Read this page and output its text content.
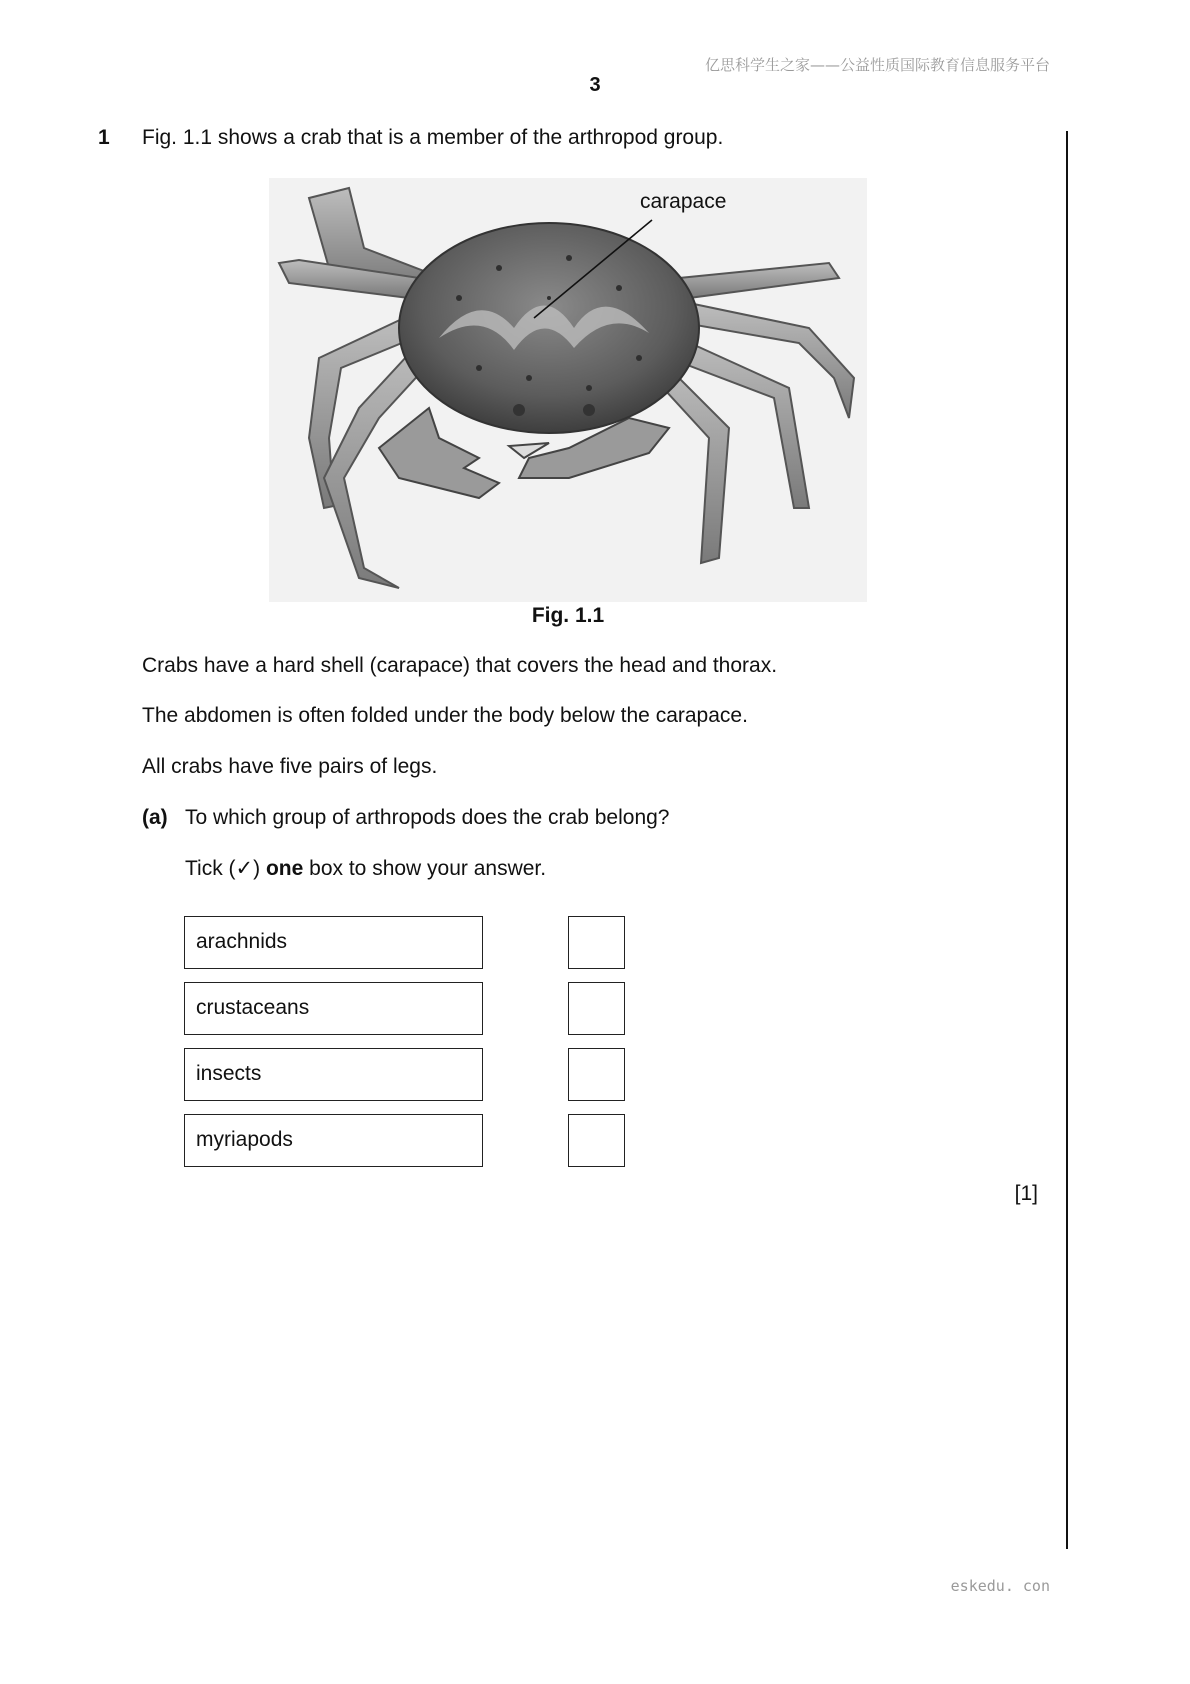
亿思科学生之家——公益性质国际教育信息服务平台
3
1 Fig. 1.1 shows a crab that is a member of the arthropod group.
carapace
Fig. 1.1
Crabs have a hard shell (carapace) that covers the head and thorax.
The abdomen is often folded under the body below the carapace.
All crabs have five pairs of legs.
(a) To which group of arthropods does the crab belong?
Tick (✓) one box to show your answer.
arachnids
crustaceans
insects
myriapods
[1]
eskedu. con
